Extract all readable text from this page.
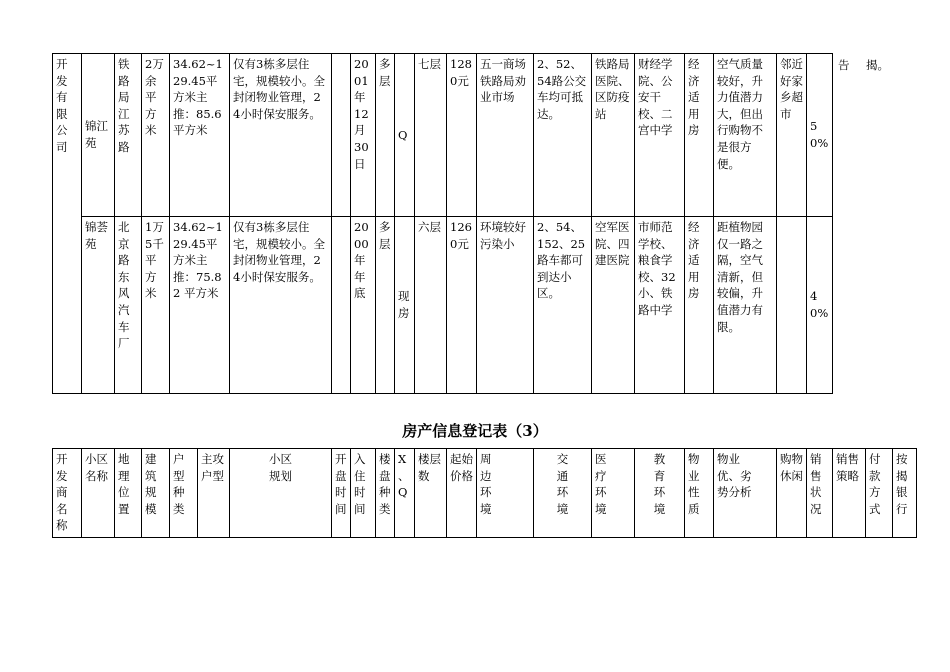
开发有限公司	锦江苑	铁路局江苏路	2万余平方米	34.62~129.45平方米主推：85.6 平方米	仅有3栋多层住宅，规模较小。全封闭物业管理，24小时保安服务。		2001年12月30日	多层	Q	七层	1280元	五一商场铁路局劝业市场	2、52、54路公交车均可抵达。	铁路局医院、区防疫站	财经学院、公安干校、二宫中学	经济适用房	空气质量较好，升力值潜力大，但出行购物不是很方便。	邻近好家乡超市	50%
	锦荟苑	北京路东风汽车厂	1万5千平方米	34.62~129.45平方米主推：75.82 平方米	仅有3栋多层住宅，规模较小。全封闭物业管理，24小时保安服务。		2000年年底	多层	现房	六层	1260元	环境较好污染小	2、54、152、25路车都可到达小区。	空军医院、四建医院	市师范学校、粮食学校、32小、铁路中学	经济适用房	距植物园仅一路之隔，空气清新，但较偏，升值潜力有限。		40%
告 揭。
房产信息登记表（3）
开发商名称	小区名称	地理位置	建筑规模	户型种类	主攻户型	小区规划	开盘时间	入住时间	楼盘种类	X、Q	楼层数	起始价格	周边环境	交通环境	医疗环境	教育环境	物业性质	物业优、劣势分析	购物休闲	销售状况	销售策略	付款方式	按揭银行
